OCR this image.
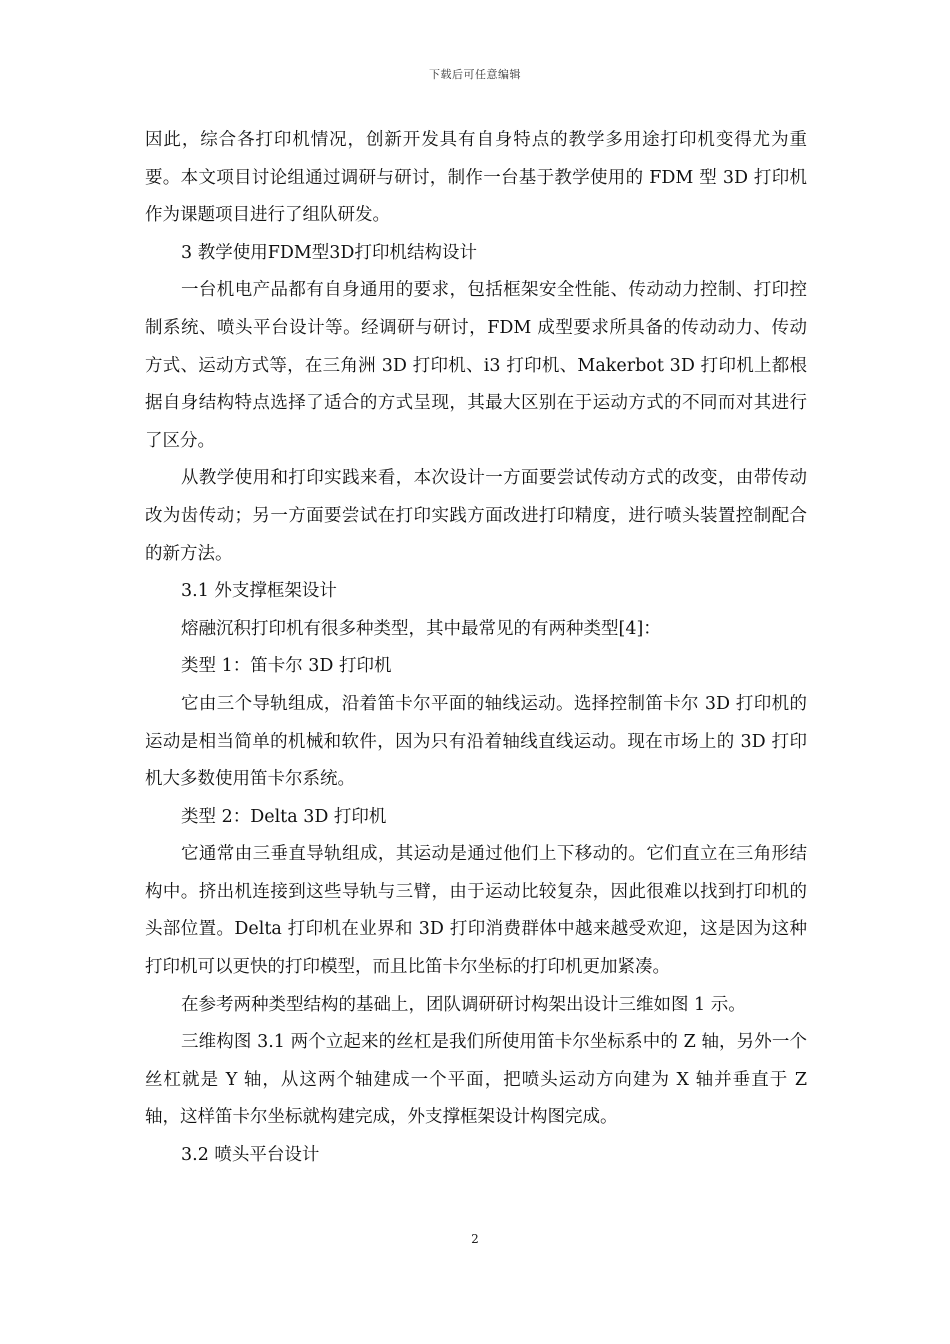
下载后可任意编辑

因此，综合各打印机情况，创新开发具有自身特点的教学多用途打印机变得尤为重要。本文项目讨论组通过调研与研讨，制作一台基于教学使用的 FDM 型 3D 打印机作为课题项目进行了组队研发。

3 教学使用FDM型3D打印机结构设计

一台机电产品都有自身通用的要求，包括框架安全性能、传动动力控制、打印控制系统、喷头平台设计等。经调研与研讨，FDM 成型要求所具备的传动动力、传动方式、运动方式等，在三角洲 3D 打印机、i3 打印机、Makerbot 3D 打印机上都根据自身结构特点选择了适合的方式呈现，其最大区别在于运动方式的不同而对其进行了区分。

从教学使用和打印实践来看，本次设计一方面要尝试传动方式的改变，由带传动改为齿传动；另一方面要尝试在打印实践方面改进打印精度，进行喷头装置控制配合的新方法。

3.1 外支撑框架设计

熔融沉积打印机有很多种类型，其中最常见的有两种类型[4]：

类型 1：笛卡尔 3D 打印机

它由三个导轨组成，沿着笛卡尔平面的轴线运动。选择控制笛卡尔 3D 打印机的运动是相当简单的机械和软件，因为只有沿着轴线直线运动。现在市场上的 3D 打印机大多数使用笛卡尔系统。

类型 2：Delta 3D 打印机

它通常由三垂直导轨组成，其运动是通过他们上下移动的。它们直立在三角形结构中。挤出机连接到这些导轨与三臂，由于运动比较复杂，因此很难以找到打印机的头部位置。Delta 打印机在业界和 3D 打印消费群体中越来越受欢迎，这是因为这种打印机可以更快的打印模型，而且比笛卡尔坐标的打印机更加紧凑。

在参考两种类型结构的基础上，团队调研研讨构架出设计三维如图 1 示。

三维构图 3.1 两个立起来的丝杠是我们所使用笛卡尔坐标系中的 Z 轴，另外一个丝杠就是 Y 轴，从这两个轴建成一个平面，把喷头运动方向建为 X 轴并垂直于 Z 轴，这样笛卡尔坐标就构建完成，外支撑框架设计构图完成。

3.2 喷头平台设计

2
